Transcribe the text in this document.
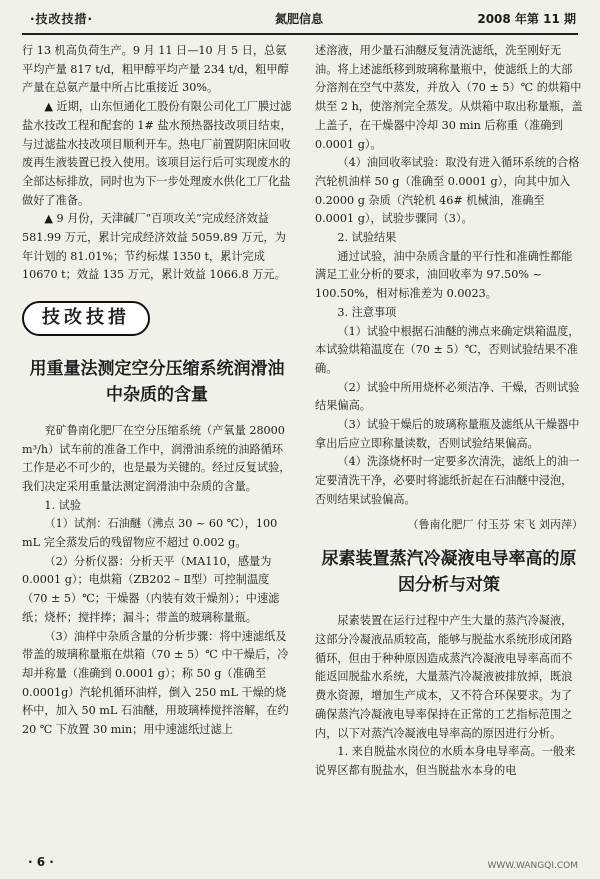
·技改技措·	氮肥信息	2008 年第 11 期

行 13 机高负荷生产。9 月 11 日—10 月 5 日，总氨平均产量 817 t/d，粗甲醇平均产量 234 t/d，粗甲醇产量在总氨产量中所占比重接近 30%。

▲ 近期，山东恒通化工股份有限公司化工厂膜过滤盐水技改工程和配套的 1# 盐水预热器技改项目结束，与过滤盐水技改项目顺利开车。热电厂前置阴阳床回收废再生液装置已投入使用。该项目运行后可实现废水的全部达标排放，同时也为下一步处理废水供化工厂化盐做好了准备。

▲ 9 月份，天津碱厂“百项攻关”完成经济效益 581.99 万元，累计完成经济效益 5059.89 万元，为年计划的 81.01%；节约标煤 1350 t，累计完成 10670 t；效益 135 万元，累计效益 1066.8 万元。

技改技措
用重量法测定空分压缩系统润滑油中杂质的含量

兖矿鲁南化肥厂在空分压缩系统（产氧量 28000 m³/h）试车前的准备工作中，润滑油系统的油路循环工作是必不可少的，也是最为关键的。经过反复试验，我们决定采用重量法测定润滑油中杂质的含量。

1. 试验

（1）试剂：石油醚（沸点 30 ~ 60 ℃），100 mL 完全蒸发后的残留物应不超过 0.002 g。

（2）分析仪器：分析天平（MA110，感量为 0.0001 g）；电烘箱（ZB202 – Ⅱ型）可控制温度（70 ± 5）℃；干燥器（内装有效干燥剂）；中速滤纸；烧杯；搅拌捧；漏斗；带盖的玻璃称量瓶。

（3）油样中杂质含量的分析步骤：将中速滤纸及带盖的玻璃称量瓶在烘箱（70 ± 5）℃ 中干燥后，冷却并称量（准确到 0.0001 g）；称 50 g（准确至 0.0001g）汽轮机循环油样，倒入 250 mL 干燥的烧杯中，加入 50 mL 石油醚，用玻璃棒搅拌溶解，在约 20 ℃ 下放置 30 min；用中速滤纸过滤上

述溶液，用少量石油醚反复清洗滤纸，洗至刚好无油。将上述滤纸移到玻璃称量瓶中，使滤纸上的大部分溶剂在空气中蒸发，并放入（70 ± 5）℃ 的烘箱中烘至 2 h，使溶剂完全蒸发。从烘箱中取出称量瓶，盖上盖子，在干燥器中冷却 30 min 后称重（准确到 0.0001 g）。

（4）油回收率试验：取没有进入循环系统的合格汽轮机油样 50 g（准确至 0.0001 g），向其中加入 0.2000 g 杂质（汽轮机 46# 机械油，准确至 0.0001 g），试验步骤同（3）。

2. 试验结果

通过试验，油中杂质含量的平行性和准确性都能满足工业分析的要求，油回收率为 97.50% ~ 100.50%，相对标准差为 0.0023。

3. 注意事项

（1）试验中根据石油醚的沸点来确定烘箱温度，本试验烘箱温度在（70 ± 5）℃，否则试验结果不准确。

（2）试验中所用烧杯必须洁净、干燥，否则试验结果偏高。

（3）试验干燥后的玻璃称量瓶及滤纸从干燥器中拿出后应立即称量读数，否则试验结果偏高。

（4）洗涤烧杯时一定要多次清洗，滤纸上的油一定要清洗干净，必要时将滤纸折起在石油醚中浸泡，否则结果试验偏高。

（鲁南化肥厂 付玉芬 宋飞 刘丙萍）
尿素装置蒸汽冷凝液电导率高的原因分析与对策

尿素装置在运行过程中产生大量的蒸汽冷凝液，这部分冷凝液品质较高，能够与脱盐水系统形成闭路循环，但由于种种原因造成蒸汽冷凝液电导率高而不能返回脱盐水系统，大量蒸汽冷凝液被排放掉，既浪费水资源，增加生产成本，又不符合环保要求。为了确保蒸汽冷凝液电导率保持在正常的工艺指标范围之内，以下对蒸汽冷凝液电导率高的原因进行分析。

1. 来自脱盐水岗位的水质本身电导率高。一般来说界区都有脱盐水，但当脱盐水本身的电

· 6 ·	WWW.WANGQI.COM
